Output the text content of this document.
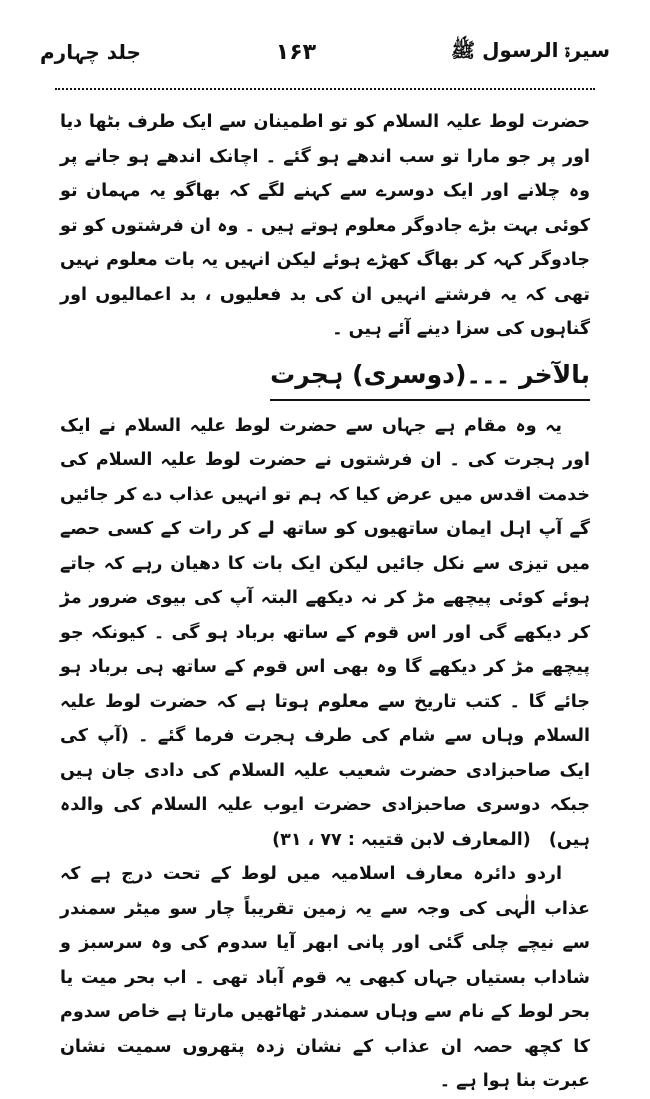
سیرۃ الرسول ﷺ
۱۶۳
جلد چہارم

حضرت لوط علیہ السلام کو تو اطمینان سے ایک طرف بٹھا دیا اور پر جو مارا تو سب اندھے ہو گئے ۔ اچانک اندھے ہو جانے پر وہ چلانے اور ایک دوسرے سے کہنے لگے کہ بھاگو یہ مہمان تو کوئی بہت بڑے جادوگر معلوم ہوتے ہیں ۔ وہ ان فرشتوں کو تو جادوگر کہہ کر بھاگ کھڑے ہوئے لیکن انہیں یہ بات معلوم نہیں تھی کہ یہ فرشتے انہیں ان کی بد فعلیوں ، بد اعمالیوں اور گناہوں کی سزا دینے آئے ہیں ۔

بالآخر ۔۔۔(دوسری) ہجرت

یہ وہ مقام ہے جہاں سے حضرت لوط علیہ السلام نے ایک اور ہجرت کی ۔ ان فرشتوں نے حضرت لوط علیہ السلام کی خدمت اقدس میں عرض کیا کہ ہم تو انہیں عذاب دے کر جائیں گے آپ اہل ایمان ساتھیوں کو ساتھ لے کر رات کے کسی حصے میں تیزی سے نکل جائیں لیکن ایک بات کا دھیان رہے کہ جاتے ہوئے کوئی پیچھے مڑ کر نہ دیکھے البتہ آپ کی بیوی ضرور مڑ کر دیکھے گی اور اس قوم کے ساتھ برباد ہو گی ۔ کیونکہ جو پیچھے مڑ کر دیکھے گا وہ بھی اس قوم کے ساتھ ہی برباد ہو جائے گا ۔ کتب تاریخ سے معلوم ہوتا ہے کہ حضرت لوط علیہ السلام وہاں سے شام کی طرف ہجرت فرما گئے ۔ (آپ کی ایک صاحبزادی حضرت شعیب علیہ السلام کی دادی جان ہیں جبکہ دوسری صاحبزادی حضرت ایوب علیہ السلام کی والدہ ہیں) (المعارف لابن قتیبہ : ۷۷ ، ۳۱)

اردو دائرہ معارف اسلامیہ میں لوط کے تحت درج ہے کہ عذاب الٰہی کی وجہ سے یہ زمین تقریباً چار سو میٹر سمندر سے نیچے چلی گئی اور پانی ابھر آیا سدوم کی وہ سرسبز و شاداب بستیاں جہاں کبھی یہ قوم آباد تھی ۔ اب بحر میت یا بحر لوط کے نام سے وہاں سمندر ٹھاٹھیں مارتا ہے خاص سدوم کا کچھ حصہ ان عذاب کے نشان زدہ پتھروں سمیت نشان عبرت بنا ہوا ہے ۔
